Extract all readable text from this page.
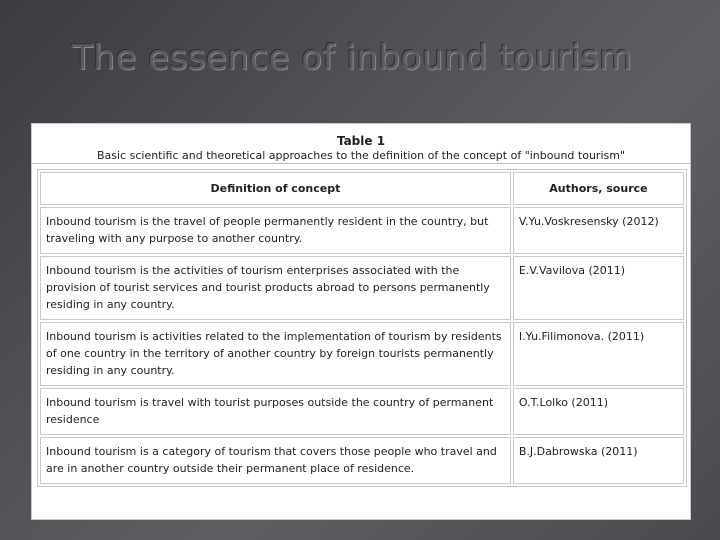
The essence of inbound tourism
Table 1
Basic scientific and theoretical approaches to the definition of the concept of "inbound tourism"
Definition of concept	Authors, source
Inbound tourism is the travel of people permanently resident in the country, but traveling with any purpose to another country.	V.Yu.Voskresensky (2012)
Inbound tourism is the activities of tourism enterprises associated with the provision of tourist services and tourist products abroad to persons permanently residing in any country.	E.V.Vavilova (2011)
Inbound tourism is activities related to the implementation of tourism by residents of one country in the territory of another country by foreign tourists permanently residing in any country.	I.Yu.Filimonova. (2011)
Inbound tourism is travel with tourist purposes outside the country of permanent residence	O.T.Lolko (2011)
Inbound tourism is a category of tourism that covers those people who travel and are in another country outside their permanent place of residence.	B.J.Dabrowska (2011)
